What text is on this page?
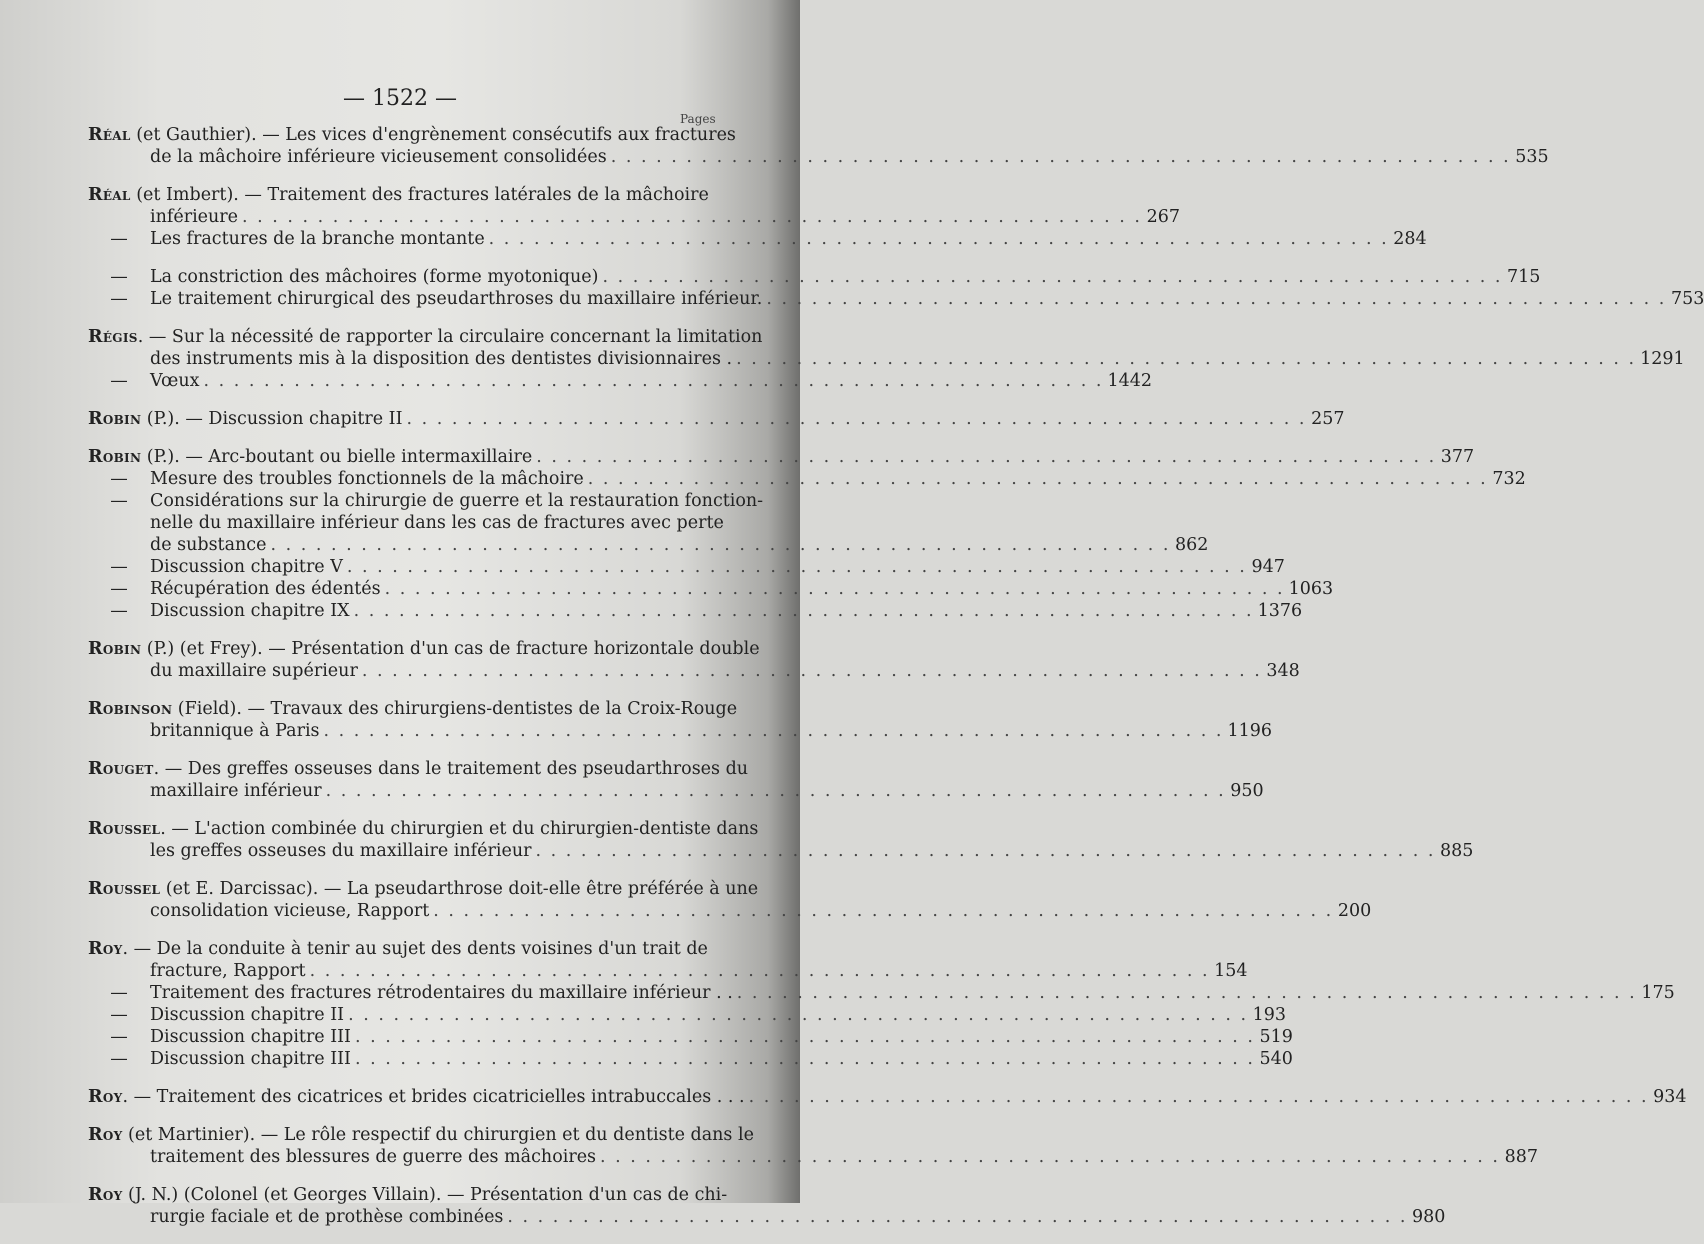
— 1522 —
Pages
Réal (et Gauthier). — Les vices d'engrènement consécutifs aux fractures
de la mâchoire inférieure vicieusement consolidées . . .	535
Réal (et Imbert). — Traitement des fractures latérales de la mâchoire
inférieure . . .	267
—	Les fractures de la branche montante . . .	284
—	La constriction des mâchoires (forme myotonique) . . .	715
—	Le traitement chirurgical des pseudarthroses du maxillaire inférieur. . . .	753
Régis. — Sur la nécessité de rapporter la circulaire concernant la limitation
des instruments mis à la disposition des dentistes divisionnaires . . . .	1291
—	Vœux . . .	1442
Robin (P.). — Discussion chapitre II . . .	257
Robin (P.). — Arc-boutant ou bielle intermaxillaire . . .	377
—	Mesure des troubles fonctionnels de la mâchoire . . .	732
—	Considérations sur la chirurgie de guerre et la restauration fonction-
nelle du maxillaire inférieur dans les cas de fractures avec perte
de substance . . .	862
—	Discussion chapitre V . . .	947
—	Récupération des édentés . . .	1063
—	Discussion chapitre IX . . .	1376
Robin (P.) (et Frey). — Présentation d'un cas de fracture horizontale double
du maxillaire supérieur . . .	348
Robinson (Field). — Travaux des chirurgiens-dentistes de la Croix-Rouge
britannique à Paris . . .	1196
Rouget. — Des greffes osseuses dans le traitement des pseudarthroses du
maxillaire inférieur . . .	950
Roussel. — L'action combinée du chirurgien et du chirurgien-dentiste dans
les greffes osseuses du maxillaire inférieur . . .	885
Roussel (et E. Darcissac). — La pseudarthrose doit-elle être préférée à une
consolidation vicieuse, Rapport . . .	200
Roy. — De la conduite à tenir au sujet des dents voisines d'un trait de
fracture, Rapport . . .	154
—	Traitement des fractures rétrodentaires du maxillaire inférieur . . . . .	175
—	Discussion chapitre II . . .	193
—	Discussion chapitre III . . .	519
—	Discussion chapitre III . . .	540
Roy. — Traitement des cicatrices et brides cicatricielles intrabuccales . . . . . .	934
Roy (et Martinier). — Le rôle respectif du chirurgien et du dentiste dans le
traitement des blessures de guerre des mâchoires . . .	887
Roy (J. N.) (Colonel (et Georges Villain). — Présentation d'un cas de chi-
rurgie faciale et de prothèse combinées . . .	980
